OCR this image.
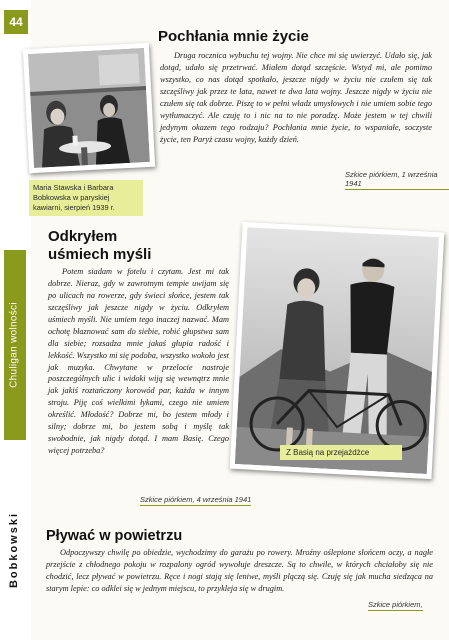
44
Chuligan wolności
Bobkowski
Maria Stawska i Barbara Bobkowska w paryskiej kawiarni, sierpień 1939 r.
Pochłania mnie życie

Druga rocznica wybuchu tej wojny. Nie chce mi się uwierzyć. Udało się, jak dotąd, udało się przetrwać. Miałem dotąd szczęście. Wstyd mi, ale pomimo wszystko, co nas dotąd spotkało, jeszcze nigdy w życiu nie czułem się tak szczęśliwy jak przez te lata, nawet te dwa lata wojny. Jeszcze nigdy w życiu nie czułem się tak dobrze. Piszę to w pełni władz umysłowych i nie umiem sobie tego wytłumaczyć. Ale czuję to i nic na to nie poradzę. Może jestem w tej chwili jedynym okazem tego rodzaju? Pochłania mnie życie, to wspaniałe, soczyste życie, ten Paryż czasu wojny, każdy dzień.

Szkice piórkiem, 1 września 1941
Odkryłem uśmiech myśli

Potem siadam w fotelu i czytam. Jest mi tak dobrze. Nieraz, gdy w zawrotnym tempie uwijam się po ulicach na rowerze, gdy świeci słońce, jestem tak szczęśliwy jak jeszcze nigdy w życiu. Odkryłem uśmiech myśli. Nie umiem tego inaczej nazwać. Mam ochotę błaznować sam do siebie, robić głupstwa sam dla siebie; rozsadza mnie jakaś głupia radość i lekkość. Wszystko mi się podoba, wszystko wokoło jest jak muzyka. Chwytane w przelocie nastroje poszczególnych ulic i widoki wiją się wewnątrz mnie jak jakiś roztańczony korowód par, każda w innym stroju. Piję coś wielkimi łykami, czego nie umiem określić. Młodość? Dobrze mi, bo jestem młody i silny; dobrze mi, bo jestem sobą i myślę tak swobodnie, jak nigdy dotąd. I mam Basię. Czego więcej potrzeba?

Szkice piórkiem, 4 września 1941
Z Basią na przejażdżce
Pływać w powietrzu

Odpoczywszy chwilę po obiedzie, wychodzimy do garażu po rowery. Mroźny oślepione słońcem oczy, a nagłe przejście z chłodnego pokoju w rozpalony ogród wywołuje dreszcze. Są to chwile, w których chciałoby się nie chodzić, lecz pływać w powietrzu. Ręce i nogi stają się leniwe, myśli plączą się. Czuję się jak mucha siedząca na starym lepie: co odklei się w jednym miejscu, to przykleja się w drugim.

Szkice piórkiem,
